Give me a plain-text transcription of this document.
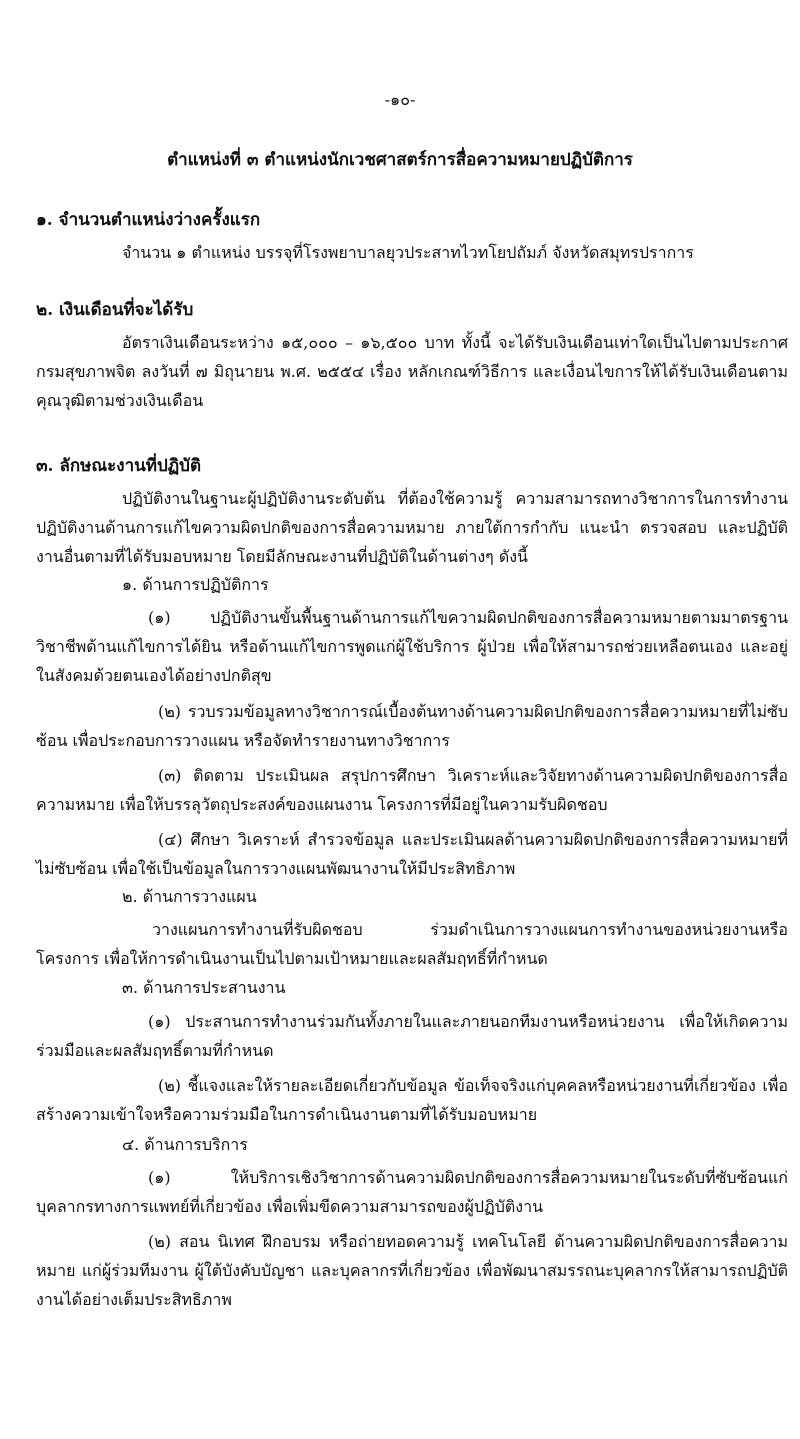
-๑๐-
ตำแหน่งที่ ๓ ตำแหน่งนักเวชศาสตร์การสื่อความหมายปฏิบัติการ
๑. จำนวนตำแหน่งว่างครั้งแรก
จำนวน ๑ ตำแหน่ง บรรจุที่โรงพยาบาลยุวประสาทไวทโยปถัมภ์ จังหวัดสมุทรปราการ
๒. เงินเดือนที่จะได้รับ
อัตราเงินเดือนระหว่าง ๑๕,๐๐๐ – ๑๖,๕๐๐ บาท ทั้งนี้ จะได้รับเงินเดือนเท่าใดเป็นไปตามประกาศ กรมสุขภาพจิต ลงวันที่ ๗ มิถุนายน พ.ศ. ๒๕๕๔ เรื่อง หลักเกณฑ์วิธีการ และเงื่อนไขการให้ได้รับเงินเดือนตามคุณวุฒิตามช่วงเงินเดือน
๓. ลักษณะงานที่ปฏิบัติ
ปฏิบัติงานในฐานะผู้ปฏิบัติงานระดับต้น ที่ต้องใช้ความรู้ ความสามารถทางวิชาการในการทำงาน ปฏิบัติงานด้านการแก้ไขความผิดปกติของการสื่อความหมาย ภายใต้การกำกับ แนะนำ ตรวจสอบ และปฏิบัติงานอื่นตามที่ได้รับมอบหมาย โดยมีลักษณะงานที่ปฏิบัติในด้านต่างๆ ดังนี้
๑. ด้านการปฏิบัติการ
(๑) ปฏิบัติงานขั้นพื้นฐานด้านการแก้ไขความผิดปกติของการสื่อความหมายตามมาตรฐานวิชาชีพด้านแก้ไขการได้ยิน หรือด้านแก้ไขการพูดแก่ผู้ใช้บริการ ผู้ป่วย เพื่อให้สามารถช่วยเหลือตนเอง และอยู่ในสังคมด้วยตนเองได้อย่างปกติสุข
(๒) รวบรวมข้อมูลทางวิชาการณ์เบื้องต้นทางด้านความผิดปกติของการสื่อความหมายที่ไม่ซับซ้อน เพื่อประกอบการวางแผน หรือจัดทำรายงานทางวิชาการ
(๓) ติดตาม ประเมินผล สรุปการศึกษา วิเคราะห์และวิจัยทางด้านความผิดปกติของการสื่อความหมาย เพื่อให้บรรลุวัตถุประสงค์ของแผนงาน โครงการที่มีอยู่ในความรับผิดชอบ
(๔) ศึกษา วิเคราะห์ สำรวจข้อมูล และประเมินผลด้านความผิดปกติของการสื่อความหมายที่ไม่ซับซ้อน เพื่อใช้เป็นข้อมูลในการวางแผนพัฒนางานให้มีประสิทธิภาพ
๒. ด้านการวางแผน
วางแผนการทำงานที่รับผิดชอบ ร่วมดำเนินการวางแผนการทำงานของหน่วยงานหรือโครงการ เพื่อให้การดำเนินงานเป็นไปตามเป้าหมายและผลสัมฤทธิ์ที่กำหนด
๓. ด้านการประสานงาน
(๑) ประสานการทำงานร่วมกันทั้งภายในและภายนอกทีมงานหรือหน่วยงาน เพื่อให้เกิดความร่วมมือและผลสัมฤทธิ์ตามที่กำหนด
(๒) ชี้แจงและให้รายละเอียดเกี่ยวกับข้อมูล ข้อเท็จจริงแก่บุคคลหรือหน่วยงานที่เกี่ยวข้อง เพื่อสร้างความเข้าใจหรือความร่วมมือในการดำเนินงานตามที่ได้รับมอบหมาย
๔. ด้านการบริการ
(๑) ให้บริการเชิงวิชาการด้านความผิดปกติของการสื่อความหมายในระดับที่ซับซ้อนแก่บุคลากรทางการแพทย์ที่เกี่ยวข้อง เพื่อเพิ่มขีดความสามารถของผู้ปฏิบัติงาน
(๒) สอน นิเทศ ฝึกอบรม หรือถ่ายทอดความรู้ เทคโนโลยี ด้านความผิดปกติของการสื่อความหมาย แก่ผู้ร่วมทีมงาน ผู้ใต้บังคับบัญชา และบุคลากรที่เกี่ยวข้อง เพื่อพัฒนาสมรรถนะบุคลากรให้สามารถปฏิบัติงานได้อย่างเต็มประสิทธิภาพ
